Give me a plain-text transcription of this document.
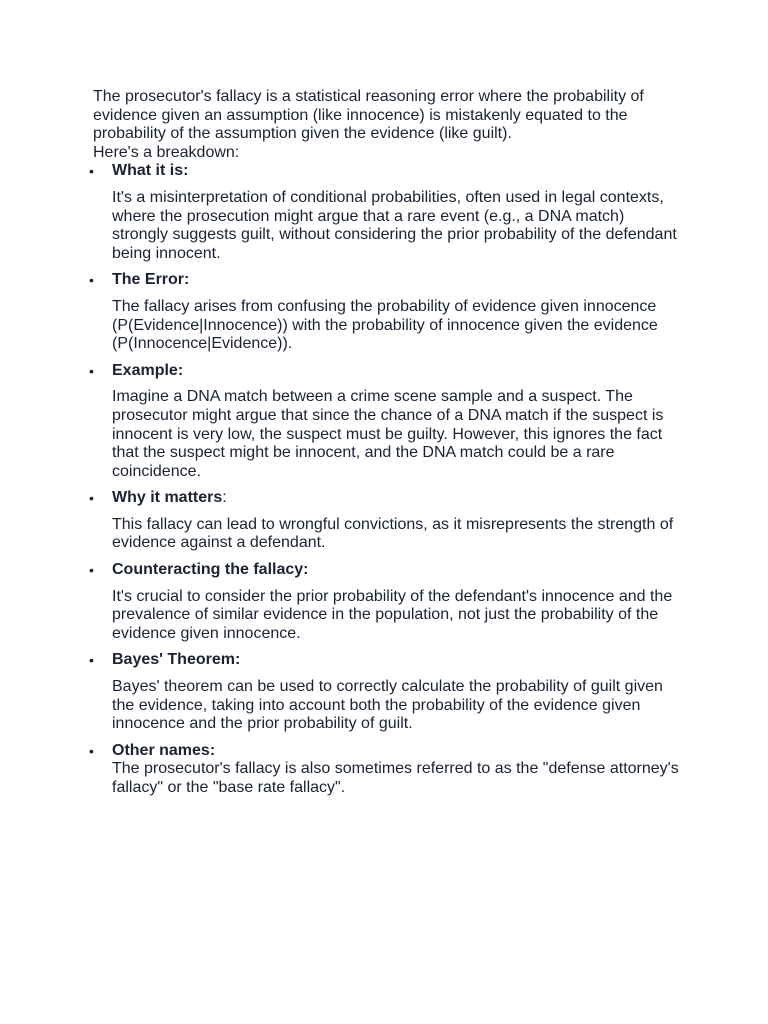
The prosecutor's fallacy is a statistical reasoning error where the probability of evidence given an assumption (like innocence) is mistakenly equated to the probability of the assumption given the evidence (like guilt).

Here's a breakdown:

• What it is:

It's a misinterpretation of conditional probabilities, often used in legal contexts, where the prosecution might argue that a rare event (e.g., a DNA match) strongly suggests guilt, without considering the prior probability of the defendant being innocent.

• The Error:

The fallacy arises from confusing the probability of evidence given innocence (P(Evidence|Innocence)) with the probability of innocence given the evidence (P(Innocence|Evidence)).

• Example:

Imagine a DNA match between a crime scene sample and a suspect. The prosecutor might argue that since the chance of a DNA match if the suspect is innocent is very low, the suspect must be guilty. However, this ignores the fact that the suspect might be innocent, and the DNA match could be a rare coincidence.

• Why it matters:

This fallacy can lead to wrongful convictions, as it misrepresents the strength of evidence against a defendant.

• Counteracting the fallacy:

It's crucial to consider the prior probability of the defendant's innocence and the prevalence of similar evidence in the population, not just the probability of the evidence given innocence.

• Bayes' Theorem:

Bayes' theorem can be used to correctly calculate the probability of guilt given the evidence, taking into account both the probability of the evidence given innocence and the prior probability of guilt.

• Other names:

The prosecutor's fallacy is also sometimes referred to as the "defense attorney's fallacy" or the "base rate fallacy".
